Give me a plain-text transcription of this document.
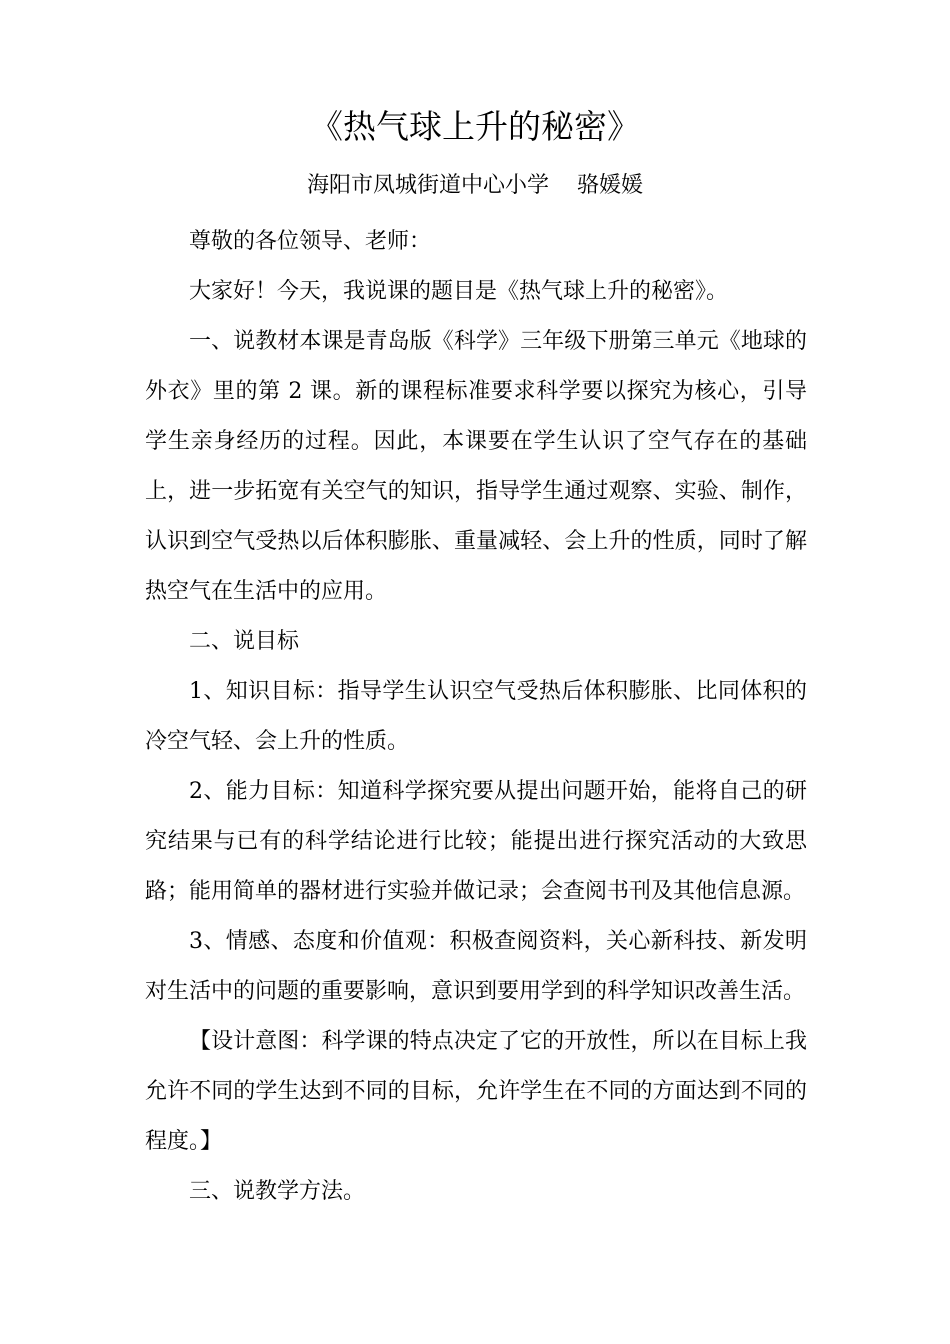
《热气球上升的秘密》
海阳市凤城街道中心小学    骆媛媛

尊敬的各位领导、老师：

大家好！今天，我说课的题目是《热气球上升的秘密》。

一、说教材本课是青岛版《科学》三年级下册第三单元《地球的外衣》里的第 2 课。新的课程标准要求科学要以探究为核心，引导学生亲身经历的过程。因此，本课要在学生认识了空气存在的基础上，进一步拓宽有关空气的知识，指导学生通过观察、实验、制作，认识到空气受热以后体积膨胀、重量减轻、会上升的性质，同时了解热空气在生活中的应用。

二、说目标

1、知识目标：指导学生认识空气受热后体积膨胀、比同体积的冷空气轻、会上升的性质。

2、能力目标：知道科学探究要从提出问题开始，能将自己的研究结果与已有的科学结论进行比较；能提出进行探究活动的大致思路；能用简单的器材进行实验并做记录；会查阅书刊及其他信息源。

3、情感、态度和价值观：积极查阅资料，关心新科技、新发明对生活中的问题的重要影响，意识到要用学到的科学知识改善生活。

【设计意图：科学课的特点决定了它的开放性，所以在目标上我允许不同的学生达到不同的目标，允许学生在不同的方面达到不同的程度。】

三、说教学方法。
